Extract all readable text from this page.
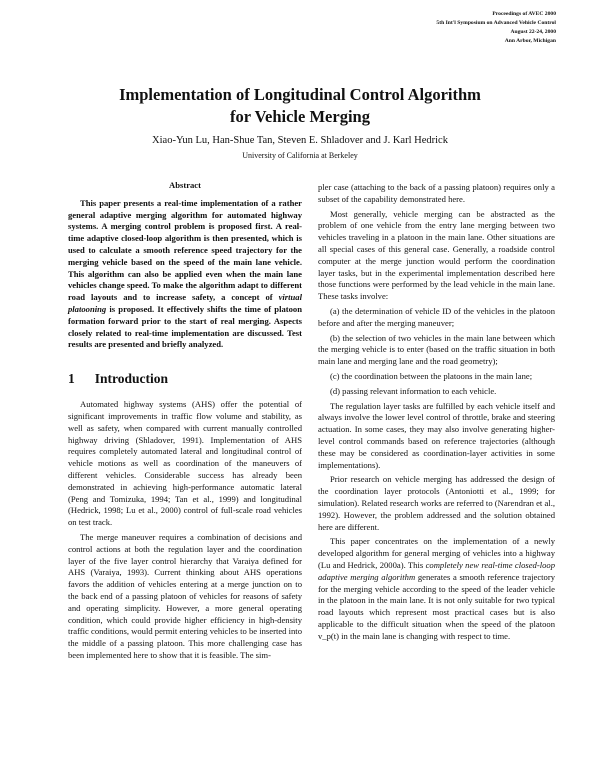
Proceedings of AVEC 2000
5th Int'l Symposium on Advanced Vehicle Control
August 22-24, 2000
Ann Arbor, Michigan
Implementation of Longitudinal Control Algorithm
for Vehicle Merging
Xiao-Yun Lu, Han-Shue Tan, Steven E. Shladover and J. Karl Hedrick
University of California at Berkeley
Abstract

This paper presents a real-time implementation of a rather general adaptive merging algorithm for automated highway systems. A merging control problem is proposed first. A real-time adaptive closed-loop algorithm is then presented, which is used to calculate a smooth reference speed trajectory for the merging vehicle based on the speed of the main lane vehicle. This algorithm can also be applied even when the main lane vehicles change speed. To make the algorithm adapt to different road layouts and to increase safety, a concept of virtual platooning is proposed. It effectively shifts the time of platoon formation forward prior to the start of real merging. Aspects closely related to real-time implementation are discussed. Test results are presented and briefly analyzed.

1 Introduction

Automated highway systems (AHS) offer the potential of significant improvements in traffic flow volume and stability, as well as safety, when compared with current manually controlled highway driving (Shladover, 1991). Implementation of AHS requires completely automated lateral and longitudinal control of vehicle motions as well as coordination of the maneuvers of different vehicles. Considerable success has already been demonstrated in achieving high-performance automatic lateral (Peng and Tomizuka, 1994; Tan et al., 1999) and longitudinal (Hedrick, 1998; Lu et al., 2000) control of full-scale road vehicles on test track.

The merge maneuver requires a combination of decisions and control actions at both the regulation layer and the coordination layer of the five layer control hierarchy that Varaiya defined for AHS (Varaiya, 1993). Current thinking about AHS operations favors the addition of vehicles entering at a merge junction on to the back end of a passing platoon of vehicles for reasons of safety and operating simplicity. However, a more general operating condition, which could provide higher efficiency in high-density traffic conditions, would permit entering vehicles to be inserted into the middle of a passing platoon. This more challenging case has been implemented here to show that it is feasible. The sim-

pler case (attaching to the back of a passing platoon) requires only a subset of the capability demonstrated here.

Most generally, vehicle merging can be abstracted as the problem of one vehicle from the entry lane merging between two vehicles traveling in a platoon in the main lane. Other situations are all special cases of this general case. Generally, a roadside control computer at the merge junction would perform the coordination layer tasks, but in the experimental implementation described here those functions were performed by the lead vehicle in the main lane. These tasks involve:

(a) the determination of vehicle ID of the vehicles in the platoon before and after the merging maneuver;
(b) the selection of two vehicles in the main lane between which the merging vehicle is to enter (based on the traffic situation in both main lane and merging lane and the road geometry);
(c) the coordination between the platoons in the main lane;
(d) passing relevant information to each vehicle.

The regulation layer tasks are fulfilled by each vehicle itself and always involve the lower level control of throttle, brake and steering actuation. In some cases, they may also involve generating higher-level control commands based on reference trajectories (although these may be considered as coordination-layer activities in some implementations).

Prior research on vehicle merging has addressed the design of the coordination layer protocols (Antoniotti et al., 1999; for simulation). Related research works are referred to (Narendran et al., 1992). However, the problem addressed and the solution obtained here are different.

This paper concentrates on the implementation of a newly developed algorithm for general merging of vehicles into a highway (Lu and Hedrick, 2000a). This completely new real-time closed-loop adaptive merging algorithm generates a smooth reference trajectory for the merging vehicle according to the speed of the leader vehicle in the platoon in the main lane. It is not only suitable for two typical road layouts which represent most practical cases but is also applicable to the difficult situation when the speed of the platoon v_p(t) in the main lane is changing with respect to time.
